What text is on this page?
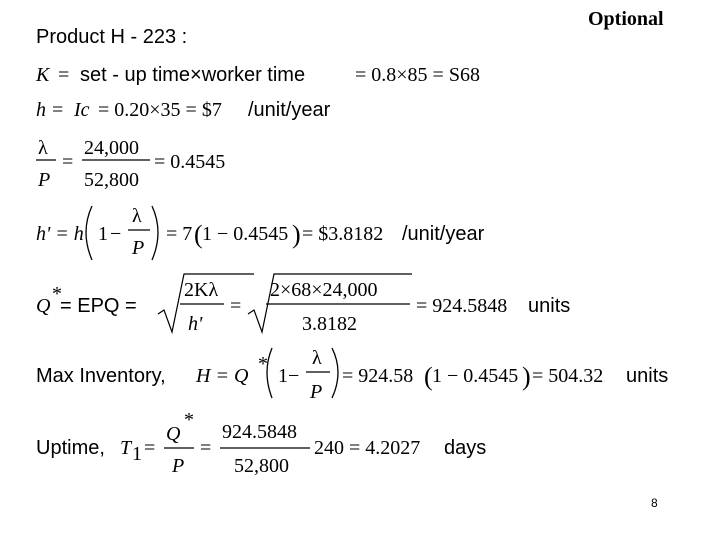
Optional
Product H - 223 :
K = set - up time×worker time = 0.8×85 = S68
h = Ic = 0.20×35 = $7 /unit/year
λ
P
=
24,000
52,800
= 0.4545
h' = h 1 −
λ
P
= 7 ( 1 − 0.4545 ) = $3.8182 /unit/year
Q
*
= EPQ =
2Kλ
h'
=
2×68×24,000
3.8182
= 924.5848 units
Max Inventory, H = Q
*
1−
λ
P
= 924.58 ( 1 − 0.4545 ) = 504.32 units
Uptime, T 1 =
Q
*
P
=
924.5848
52,800
240 = 4.2027 days
8
